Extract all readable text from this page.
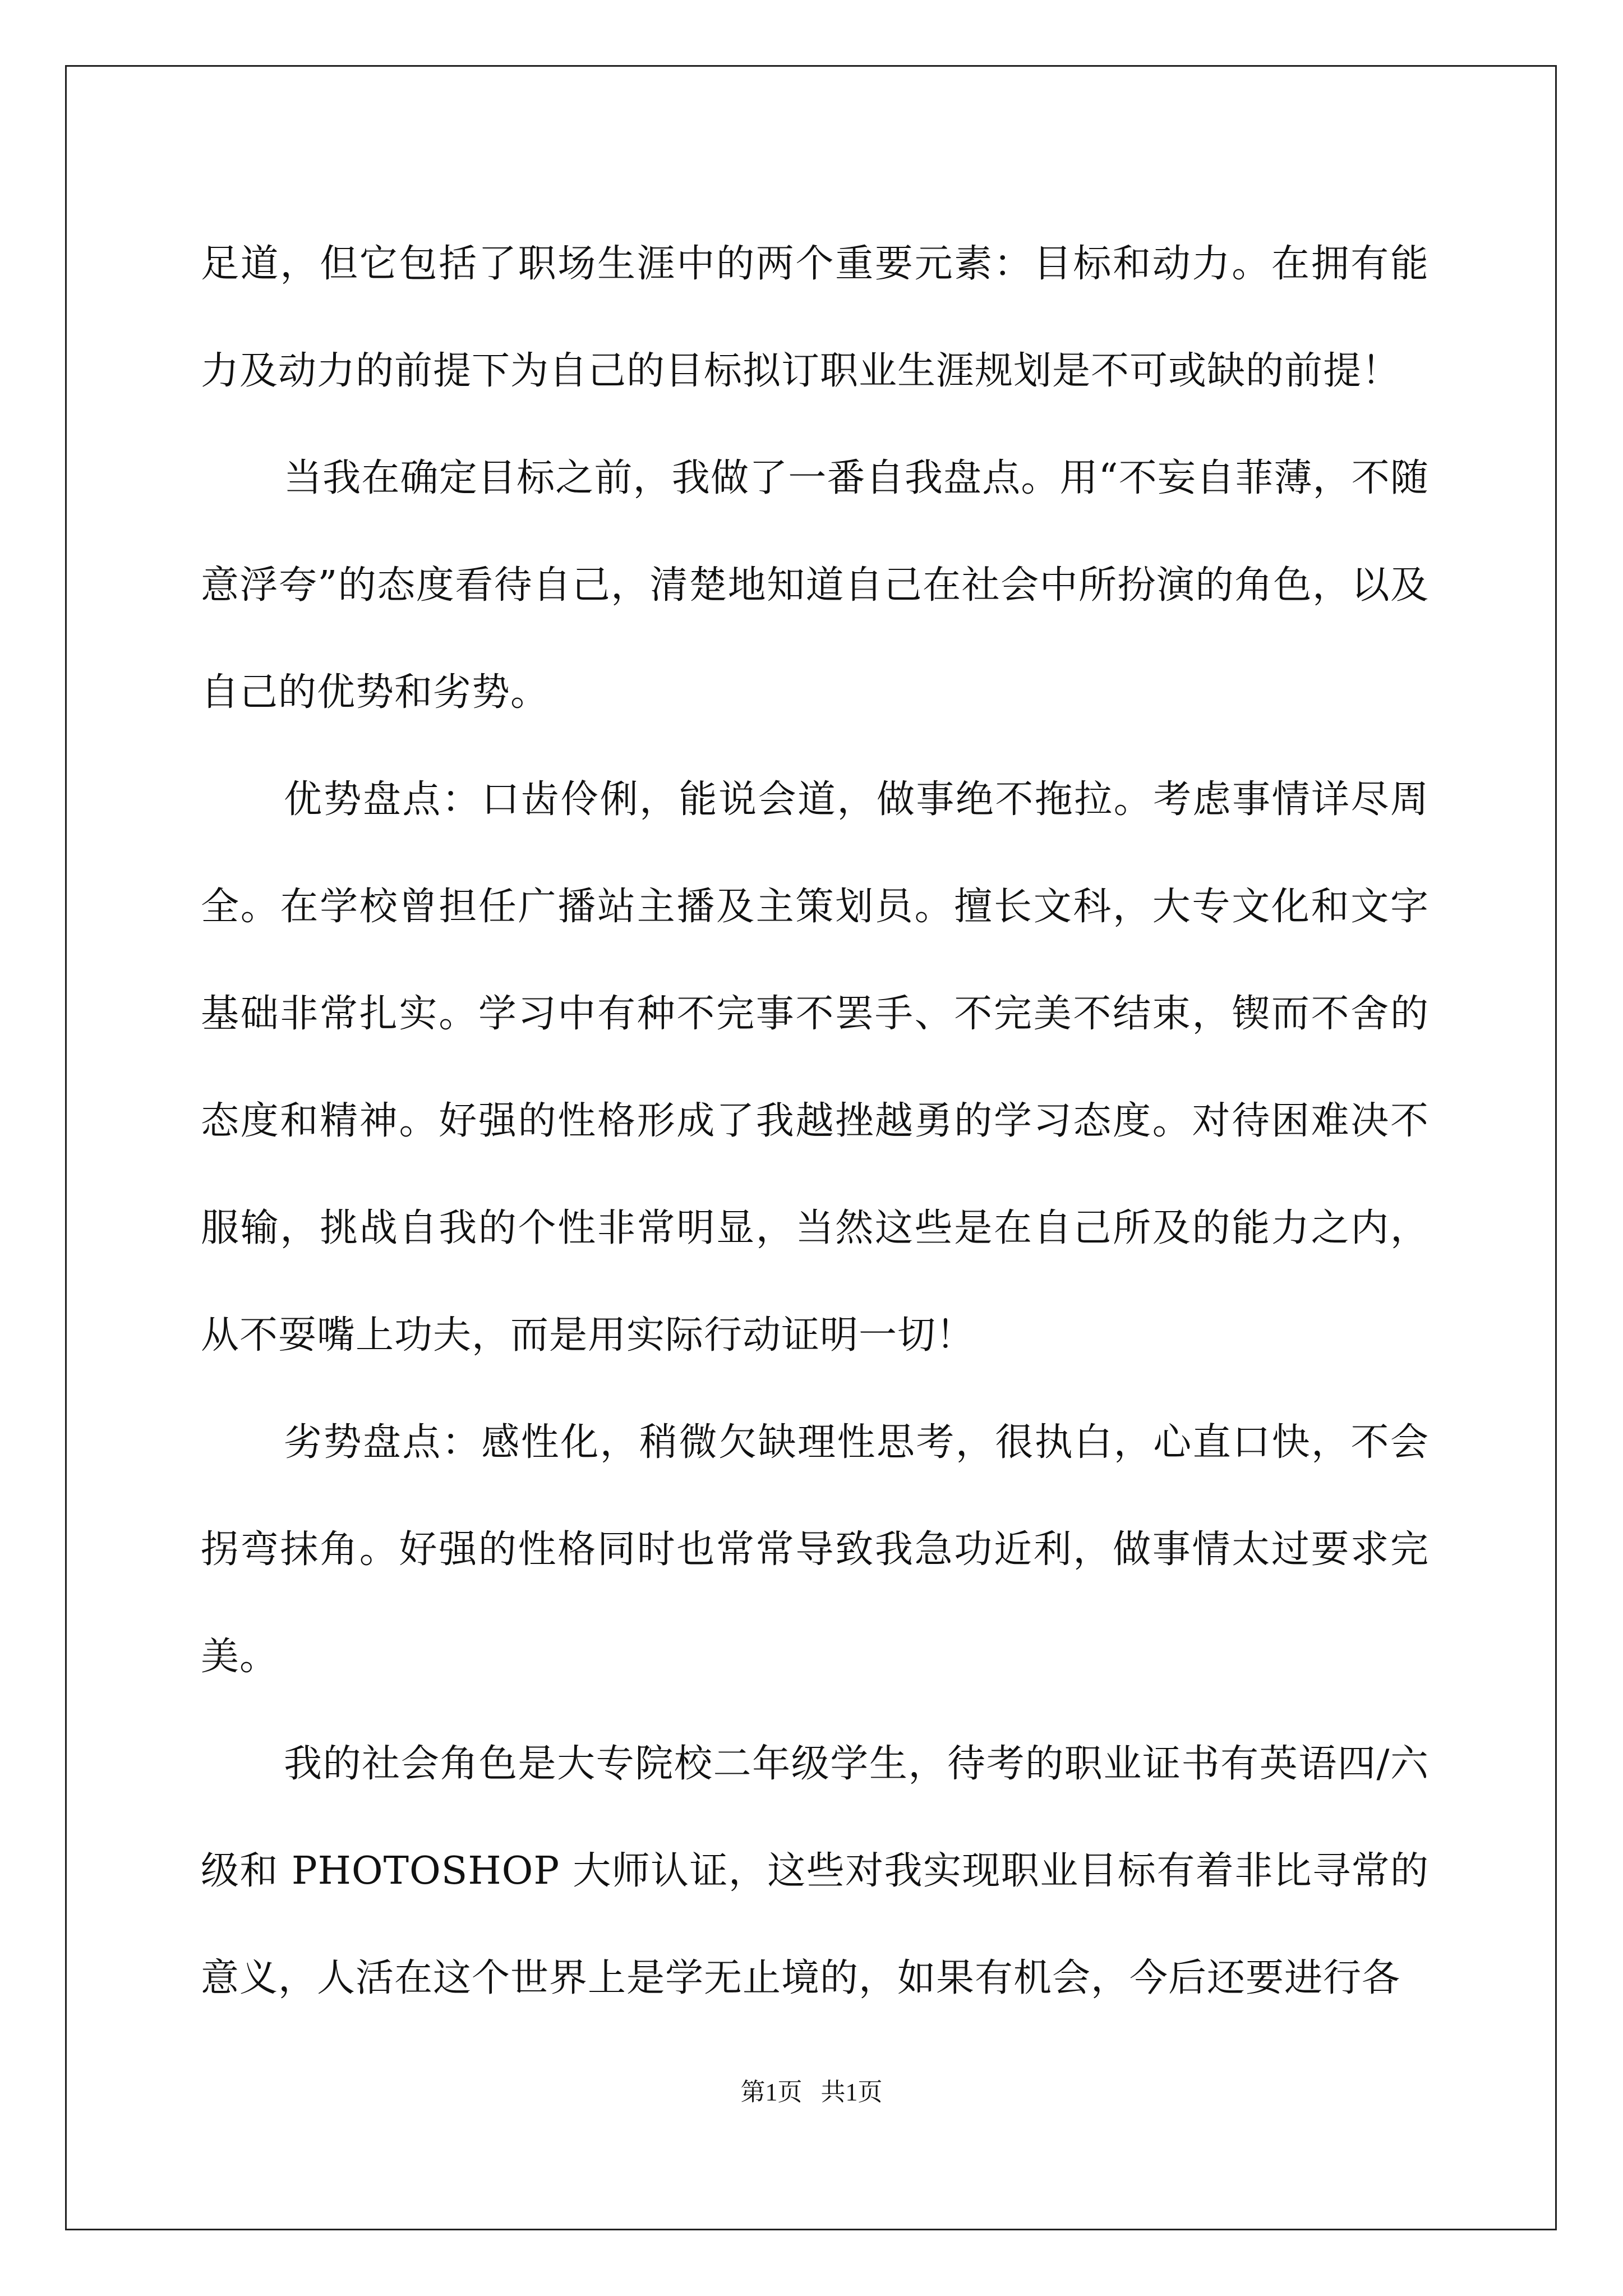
足道，但它包括了职场生涯中的两个重要元素：目标和动力。在拥有能力及动力的前提下为自己的目标拟订职业生涯规划是不可或缺的前提！

当我在确定目标之前，我做了一番自我盘点。用“不妄自菲薄，不随意浮夸”的态度看待自己，清楚地知道自己在社会中所扮演的角色，以及自己的优势和劣势。

优势盘点：口齿伶俐，能说会道，做事绝不拖拉。考虑事情详尽周全。在学校曾担任广播站主播及主策划员。擅长文科，大专文化和文字基础非常扎实。学习中有种不完事不罢手、不完美不结束，锲而不舍的态度和精神。好强的性格形成了我越挫越勇的学习态度。对待困难决不服输，挑战自我的个性非常明显，当然这些是在自己所及的能力之内，从不耍嘴上功夫，而是用实际行动证明一切！

劣势盘点：感性化，稍微欠缺理性思考，很执白，心直口快，不会拐弯抹角。好强的性格同时也常常导致我急功近利，做事情太过要求完美。

我的社会角色是大专院校二年级学生，待考的职业证书有英语四/六级和 PHOTOSHOP 大师认证，这些对我实现职业目标有着非比寻常的意义，人活在这个世界上是学无止境的，如果有机会，今后还要进行各

第1页   共1页
